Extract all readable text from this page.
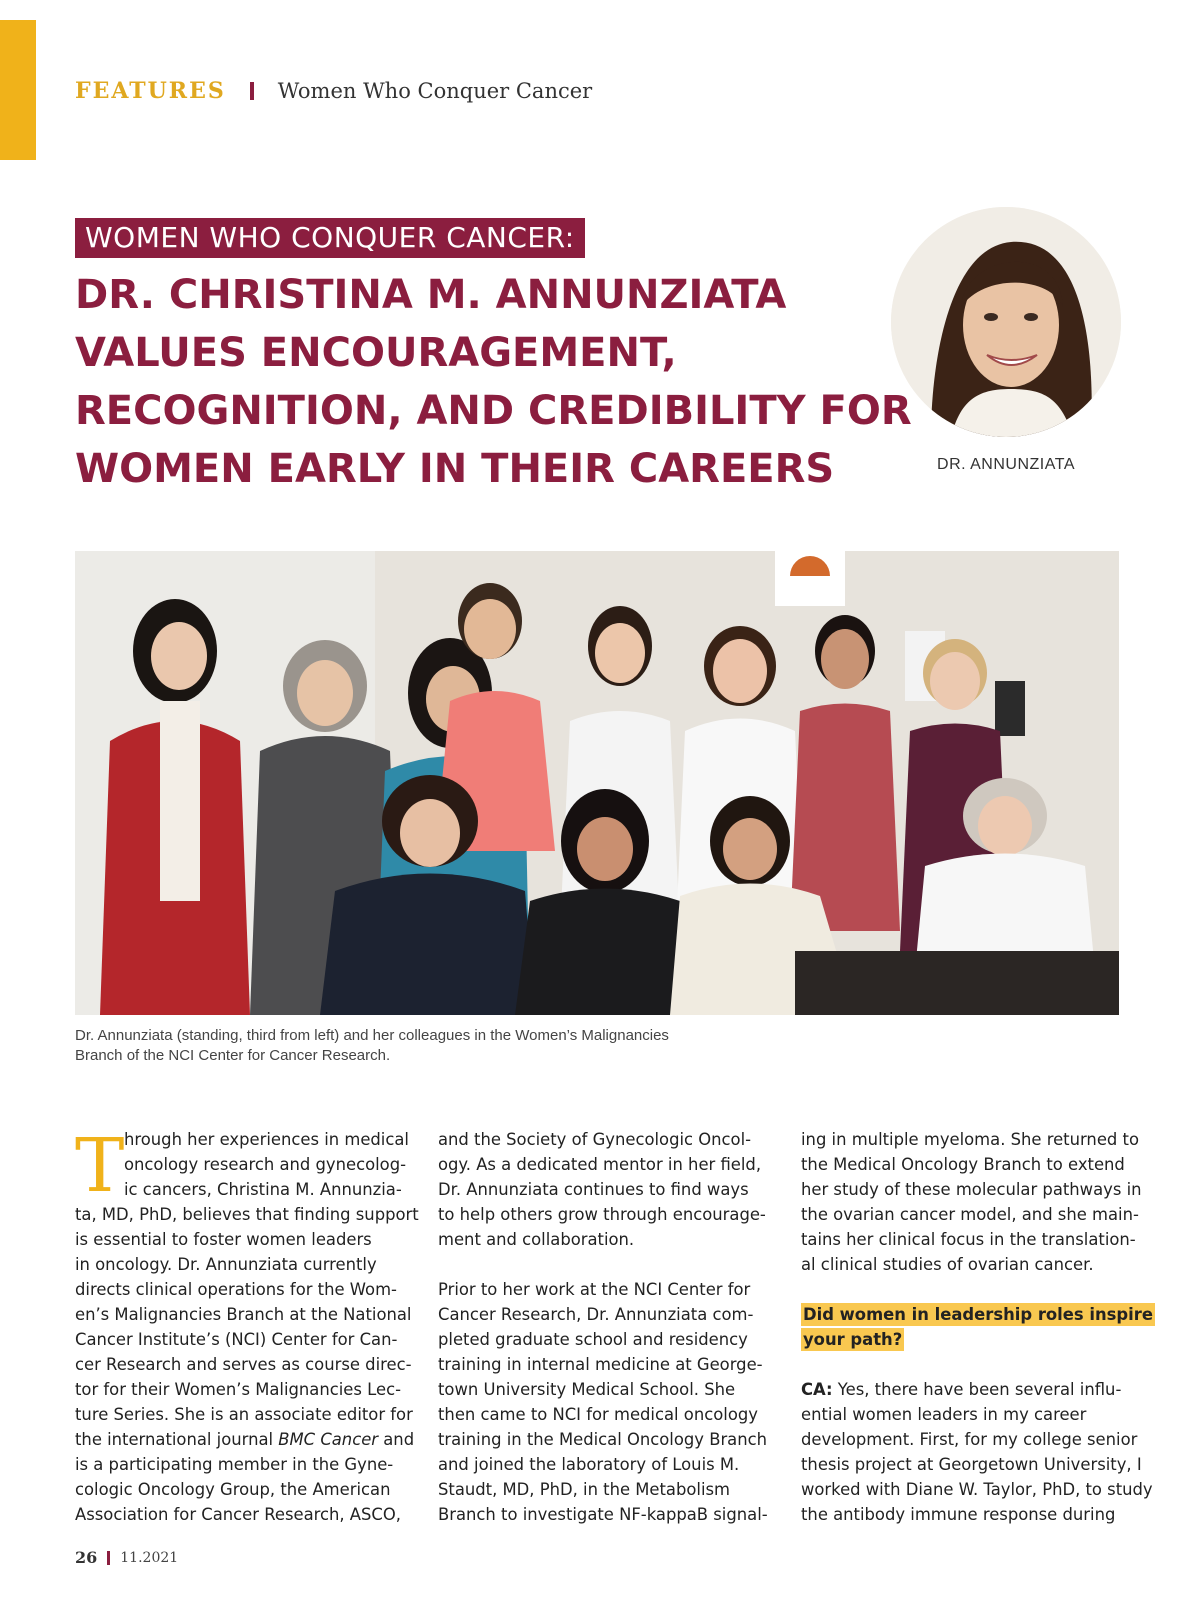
FEATURES Women Who Conquer Cancer
WOMEN WHO CONQUER CANCER:
DR. CHRISTINA M. ANNUNZIATA
VALUES ENCOURAGEMENT,
RECOGNITION, AND CREDIBILITY FOR
WOMEN EARLY IN THEIR CAREERS	DR. ANNUNZIATA
Dr. Annunziata (standing, third from left) and her colleagues in the Women’s Malignancies
Branch of the NCI Center for Cancer Research.
T hrough her experiences in medical
oncology research and gynecolog-
ic cancers, Christina M. Annunzia-
ta, MD, PhD, believes that finding support
is essential to foster women leaders
in oncology. Dr. Annunziata currently
directs clinical operations for the Wom-
en’s Malignancies Branch at the National
Cancer Institute’s (NCI) Center for Can-
cer Research and serves as course direc-
tor for their Women’s Malignancies Lec-
ture Series. She is an associate editor for
the international journal BMC Cancer and
is a participating member in the Gyne-
cologic Oncology Group, the American
Association for Cancer Research, ASCO,

and the Society of Gynecologic Oncol-
ogy. As a dedicated mentor in her field,
Dr. Annunziata continues to find ways
to help others grow through encourage-
ment and collaboration.

Prior to her work at the NCI Center for
Cancer Research, Dr. Annunziata com-
pleted graduate school and residency
training in internal medicine at George-
town University Medical School. She
then came to NCI for medical oncology
training in the Medical Oncology Branch
and joined the laboratory of Louis M.
Staudt, MD, PhD, in the Metabolism
Branch to investigate NF-kappaB signal-

ing in multiple myeloma. She returned to
the Medical Oncology Branch to extend
her study of these molecular pathways in
the ovarian cancer model, and she main-
tains her clinical focus in the translation-
al clinical studies of ovarian cancer.

Did women in leadership roles inspire
your path?

CA: Yes, there have been several influ-
ential women leaders in my career
development. First, for my college senior
thesis project at Georgetown University, I
worked with Diane W. Taylor, PhD, to study
the antibody immune response during

26 11.2021
